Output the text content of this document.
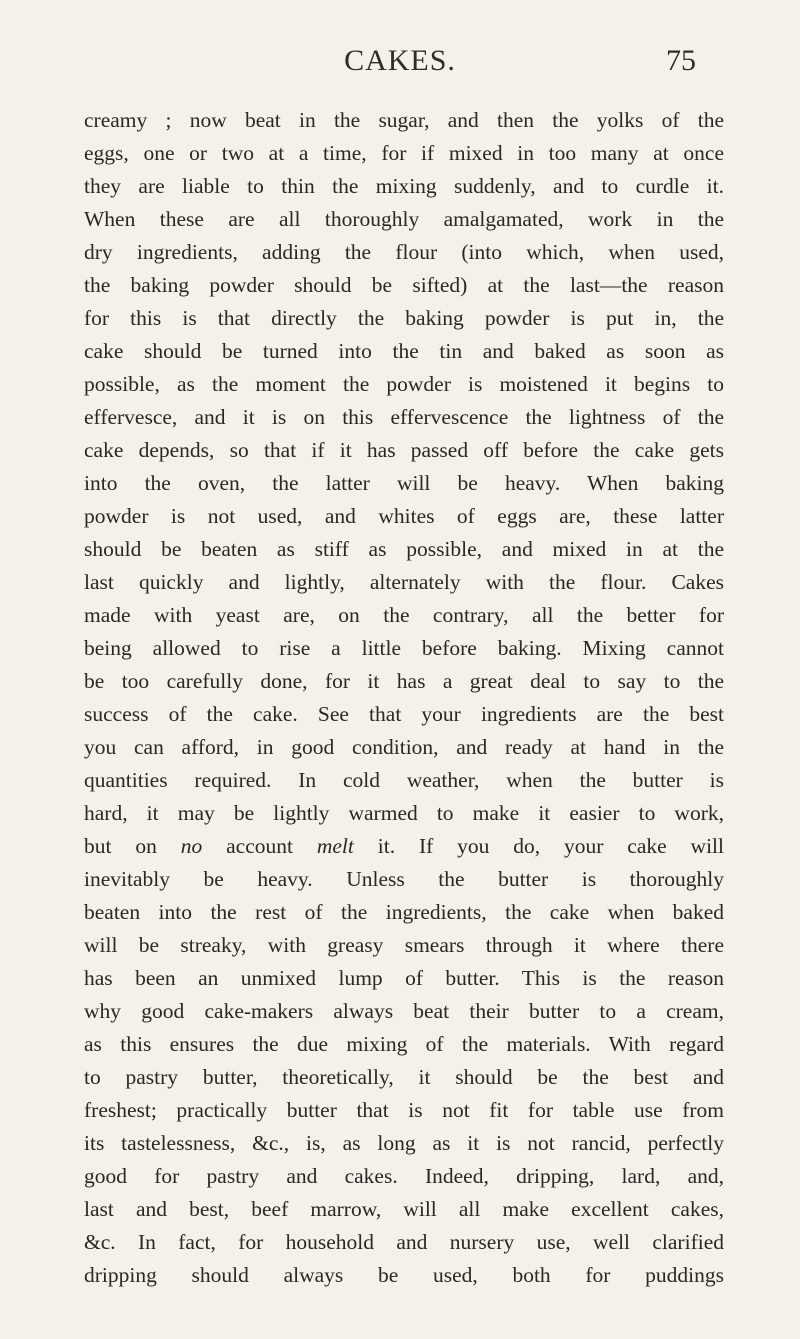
CAKES.	75
creamy ; now beat in the sugar, and then the yolks of the
eggs, one or two at a time, for if mixed in too many at once
they are liable to thin the mixing suddenly, and to curdle it.
When these are all thoroughly amalgamated, work in the
dry ingredients, adding the flour (into which, when used,
the baking powder should be sifted) at the last—the reason
for this is that directly the baking powder is put in, the
cake should be turned into the tin and baked as soon as
possible, as the moment the powder is moistened it begins to
effervesce, and it is on this effervescence the lightness of the
cake depends, so that if it has passed off before the cake gets
into the oven, the latter will be heavy. When baking
powder is not used, and whites of eggs are, these latter
should be beaten as stiff as possible, and mixed in at the
last quickly and lightly, alternately with the flour. Cakes
made with yeast are, on the contrary, all the better for
being allowed to rise a little before baking. Mixing cannot
be too carefully done, for it has a great deal to say to the
success of the cake. See that your ingredients are the best
you can afford, in good condition, and ready at hand in the
quantities required. In cold weather, when the butter is
hard, it may be lightly warmed to make it easier to work,
but on no account melt it. If you do, your cake will
inevitably be heavy. Unless the butter is thoroughly
beaten into the rest of the ingredients, the cake when baked
will be streaky, with greasy smears through it where there
has been an unmixed lump of butter. This is the reason
why good cake-makers always beat their butter to a cream,
as this ensures the due mixing of the materials. With regard
to pastry butter, theoretically, it should be the best and
freshest; practically butter that is not fit for table use from
its tastelessness, &c., is, as long as it is not rancid, perfectly
good for pastry and cakes. Indeed, dripping, lard, and,
last and best, beef marrow, will all make excellent cakes,
&c. In fact, for household and nursery use, well clarified
dripping should always be used, both for puddings
